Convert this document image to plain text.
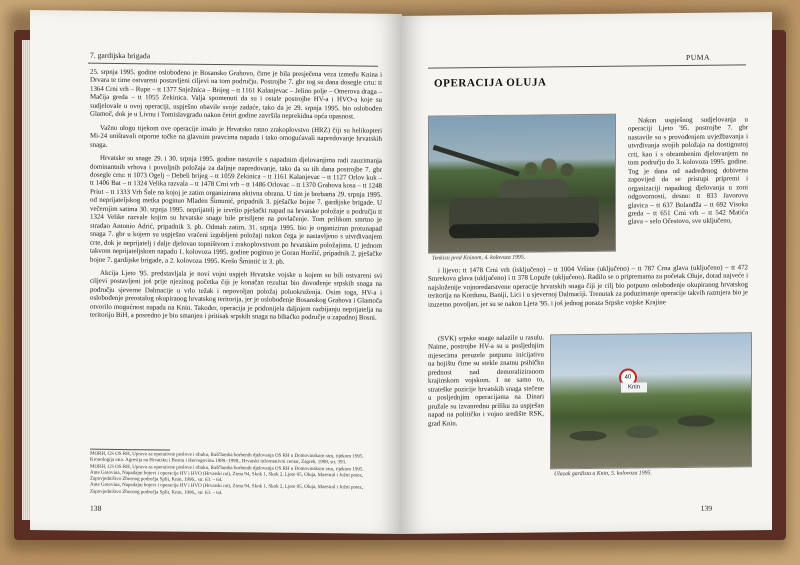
7. gardijska brigada

25. srpnja 1995. godine oslobođeno je Bosansko Grahovo, čime je bila presječena veza između Knina i Drvara te time ostvareni postavljeni ciljevi na tom području. Postrojbe 7. gbr tog su dana dosegle crtu: tt 1364 Crni vrh – Rupe – tt 1377 Snježnica – Brijeg – tt 1161 Kalanjevac – Jelino polje – Omerova draga – Mačija greda – tt 1055 Zekinica. Valja spomenuti da su i ostale postrojbe HV-a i HVO-a koje su sudjelovale u ovoj operaciji, uspješno obavile svoje zadaće, tako da je 29. srpnja 1995. bio oslobođen Glamoč, dok je u Livnu i Tomislavgradu nakon četiri godine završila neprekidna opća opasnost.

Važnu ulogu tijekom ove operacije imalo je Hrvatsko ratno zrakoplovstvo (HRZ) čiji su helikopteri Mi-24 uništavali otporne točke na glavnim pravcima napada i tako omogućavali napredovanje hrvatskih snaga.

Hrvatske su snage 29. i 30. srpnja 1995. godine nastavile s napadnim djelovanjima radi zauzimanja dominantnih vrhova i povoljnih položaja za daljnje napredovanje, tako da su tih dana postrojbe 7. gbr dosegle crtu: tt 1073 Ogelj – Debeli brijeg – tt 1059 Zekinica – tt 1161 Kalanjevac – tt 1127 Orlov kuk – tt 1406 Bat – tt 1324 Velika razvala – tt 1478 Crni vrh – tt 1486 Orlovac – tt 1370 Grabova kosa – tt 1248 Priut – tt 1333 Vrh Šale na kojoj je zatim organizirana aktivna obrana. U tim je borbama 29. srpnja 1995. od neprijateljskog metka poginuo Mladen Šimunić, pripadnik 3. pješačke bojne 7. gardijske brigade. U večernjim satima 30. srpnja 1995. neprijatelj je izvršio pješački napad na hrvatske položaje u području tt 1324 Velike razvale kojim su hrvatske snage bile prisiljene na povlačenje. Tom prilikom smrtno je stradao Antonio Adrić, pripadnik 3. pb. Odmah zatim, 31. srpnja 1995. bio je organiziran protunapad snaga 7. gbr u kojem su uspješno vraćeni izgubljeni položaji nakon čega je nastavljeno s utvrđivanjem crte, dok je neprijatelj i dalje djelovao topništvom i zrakoplovstvom po hrvatskim položajima. U jednom takvom neprijateljskom napadu 1. kolovoza 1995. godine poginuo je Goran Horžić, pripadnik 2. pješačke bojne 7. gardijske brigade, a 2. kolovoza 1995. Krešo Šmintić iz 3. pb.

Akcija Ljeto '95. predstavljala je novi vojni uspjeh Hrvatske vojske u kojem su bili ostvareni svi ciljevi postavljeni još prije njezinog početka čiji je konačan rezultat bio dovođenje srpskih snaga na području sjeverne Dalmacije u vrlo težak i nepovoljan položaj poluokruženja. Osim toga, HV-a i oslobođenje preostalog okupiranog hrvatskog teritorija, jer je oslobođenje Bosanskog Grahova i Glamoča otvorilo mogućnost napada na Knin. Također, operacija je pridonijela daljnjem razbijanju neprijatelja na teritoriju BiH, a posredno je bio smanjen i pritisak srpskih snaga na bihaćko područje u zapadnoj Bosni.

MORH, GS OS RH, Uprava za operativne poslove i obuku, Raščlamba borbenih djelovanja OS RH u Domovinskom ratu, tijekom 1995.
Kronologija rata. Agresija na Hrvatsku i Bosnu i Hercegovinu 1989.-1998., Hrvatski informativni centar, Zagreb, 1998, str. 393.
MORH, GS OS RH, Uprava za operativne poslove i obuku, Raščlamba borbenih djelovanja OS RH u Domovinskom ratu, tijekom 1995.
Ante Gotovina, Napadajni bojevi i operacije HV i HVO (Hrvatski rat), Zima 94, Skok 1, Skok 2, Ljeto 95, Oluja, Maestral i Južni potez, Zapovjedništvo Zbornog područja Split, Knin, 1996., str. 63. – 64.
Ante Gotovina, Napadajni bojevi i operacije HV i HVO (Hrvatski rat), Zima 94, Skok 1, Skok 2, Ljeto 95, Oluja, Maestral i Južni potez, Zapovjedništvo Zbornog područja Split, Knin, 1996., str. 63. – 64.
138
PUMA
OPERACIJA OLUJA
Tenkisti pred Kninom, 4. kolovoza 1995.

Nakon uspješnog sudjelovanja u operaciji Ljeto '95. postrojbe 7. gbr nastavile su s provođenjem uvježbavanja i utvrđivanja svojih položaja na dostignutoj crti, kao i s obrambenim djelovanjem na tom području do 3. kolovoza 1995. godine. Tog je dana od nadređenog dobivena zapovijed da se pristupi pripremi i organizaciji napadnog djelovanja u zoni odgovornosti, desno: tt 833 Javorova glavica – tt 637 Bolanđža – tt 692 Visoka greda – tt 651 Crni vrh – tt 542 Matića glava – selo Očestovo, sve uključeno,

i lijevo: tt 1478 Crni vrh (isključeno) – tt 1004 Vršine (uključeno) – tt 787 Crna glava (uključeno) – tt 472 Smrekova glava (uključeno) i tt 378 Lopuže (uključeno). Radilo se o pripremama za početak Oluje, dotad najveće i najsloženije vojnoredarstvene operacije hrvatskih snaga čiji je cilj bio potpuno oslobođenje okupiranog hrvatskog teritorija na Kordunu, Baniji, Lici i u sjevernoj Dalmaciji. Trenutak za poduzimanje operacije takvih razmjera bio je izuzetno povoljan, jer su se nakon Ljeta '95. i još jednog poraza Srpske vojske Krajine

(SVK) srpske snage nalazile u rasulu. Naime, postrojbe HV-a su u posljednjim mjesecima preuzele potpunu inicijativu na bojištu čime su stekle znatnu psihičku prednost nad demoraliziranom krajinskom vojskom. I ne samo to, strateške pozicije hrvatskih snaga stečene u posljednjim operacijama na Dinari pružale su izvanrednu priliku za uspješan napad na političko i vojno središte RSK, grad Knin.

40
Knin
Ulazak gardista u Knin, 5. kolovoza 1995.
139
